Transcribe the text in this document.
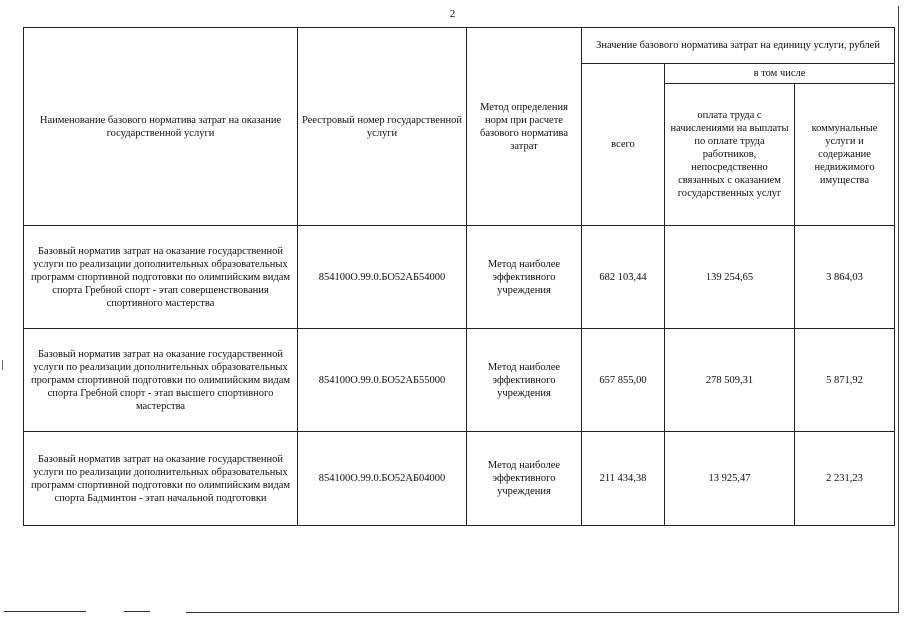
2
Наименование базового норматива затрат на оказание государственной услуги	Реестровый номер государственной услуги	Метод определения норм при расчете базового норматива затрат	Значение базового норматива затрат на единицу услуги, рублей		
			всего	в том числе	
				оплата труда с начислениями на выплаты по оплате труда работников, непосредственно связанных с оказанием государственных услуг	коммунальные услуги и содержание недвижимого имущества
Базовый норматив затрат на оказание государственной услуги по реализации дополнительных образовательных программ спортивной подготовки по олимпийским видам спорта Гребной спорт - этап совершенствования спортивного мастерства	854100О.99.0.БО52АБ54000	Метод наиболее эффективного учреждения	682 103,44	139 254,65	3 864,03
Базовый норматив затрат на оказание государственной услуги по реализации дополнительных образовательных программ спортивной подготовки по олимпийским видам спорта Гребной спорт - этап высшего спортивного мастерства	854100О.99.0.БО52АБ55000	Метод наиболее эффективного учреждения	657 855,00	278 509,31	5 871,92
Базовый норматив затрат на оказание государственной услуги по реализации дополнительных образовательных программ спортивной подготовки по олимпийским видам спорта Бадминтон - этап начальной подготовки	854100О.99.0.БО52АБ04000	Метод наиболее эффективного учреждения	211 434,38	13 925,47	2 231,23
